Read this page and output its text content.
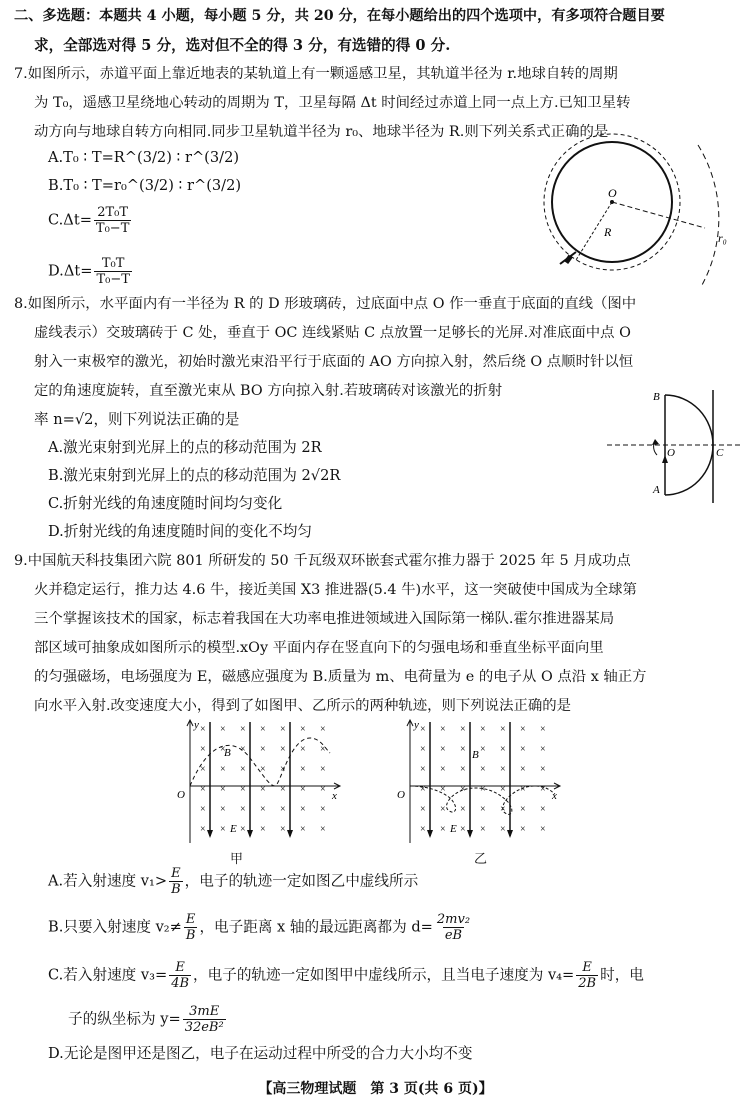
二、多选题：本题共 4 小题，每小题 5 分，共 20 分，在每小题给出的四个选项中，有多项符合题目要
求，全部选对得 5 分，选对但不全的得 3 分，有选错的得 0 分.
7.如图所示，赤道平面上靠近地表的某轨道上有一颗遥感卫星，其轨道半径为 r.地球自转的周期
为 T₀，遥感卫星绕地心转动的周期为 T，卫星每隔 Δt 时间经过赤道上同一点上方.已知卫星转
动方向与地球自转方向相同.同步卫星轨道半径为 r₀、地球半径为 R.则下列关系式正确的是
A.T₀ ∶ T=R^(3/2) ∶ r^(3/2)
B.T₀ ∶ T=r₀^(3/2) ∶ r^(3/2)
$C.\Delta t= \frac{\text{2T₀T}}{\text{T₀−T}}$
$D.\Delta t= \frac{\text{T₀T}}{\text{T₀−T}}$
O
R	r₀
8.如图所示，水平面内有一半径为 R 的 D 形玻璃砖，过底面中点 O 作一垂直于底面的直线（图中
虚线表示）交玻璃砖于 C 处，垂直于 OC 连线紧贴 C 点放置一足够长的光屏.对准底面中点 O
射入一束极窄的激光，初始时激光束沿平行于底面的 AO 方向掠入射，然后绕 O 点顺时针以恒
定的角速度旋转，直至激光束从 BO 方向掠入射.若玻璃砖对该激光的折射
率 n=√2，则下列说法正确的是
A.激光束射到光屏上的点的移动范围为 2R
B.激光束射到光屏上的点的移动范围为 2√2R
C.折射光线的角速度随时间均匀变化
D.折射光线的角速度随时间的变化不均匀
B
A
O	C
9.中国航天科技集团六院 801 所研发的 50 千瓦级双环嵌套式霍尔推力器于 2025 年 5 月成功点
火并稳定运行，推力达 4.6 牛，接近美国 X3 推进器(5.4 牛)水平，这一突破使中国成为全球第
三个掌握该技术的国家，标志着我国在大功率电推进领域进入国际第一梯队.霍尔推进器某局
部区域可抽象成如图所示的模型.xOy 平面内存在竖直向下的匀强电场和垂直坐标平面向里
的匀强磁场，电场强度为 E，磁感应强度为 B.质量为 m、电荷量为 e 的电子从 O 点沿 x 轴正方
向水平入射.改变速度大小，得到了如图甲、乙所示的两种轨迹，则下列说法正确的是
× × × × × × ×
× × × × × × ×
× × × × × × ×
× × × × × × ×
× × × × × × ×
× × × × × × ×
y
x
O
B
E
甲
× × × × × × ×
× × × × × × ×
× × × × × × ×
× × × × × × ×
× × × × × × ×
× × × × × × ×
y
x
O
B
E
乙
A.若入射速度 $v_1> \frac{E}{B}$ ，电子的轨迹一定如图乙中虚线所示
B.只要入射速度 $v_2\ne \frac{E}{B}$ ，电子距离 x 轴的最远距离都为 $d= \frac{\text{2mv₂}}{eB}$
C.若入射速度 $v_3= \frac{E}{4B}$ ，电子的轨迹一定如图甲中虚线所示，且当电子速度为 $v_4= \frac{E}{2B}$ 时，电
子的纵坐标为 $y= \frac{3mE}{\text{32eB²}}$
D.无论是图甲还是图乙，电子在运动过程中所受的合力大小均不变
【高三物理试题　第 3 页(共 6 页)】
